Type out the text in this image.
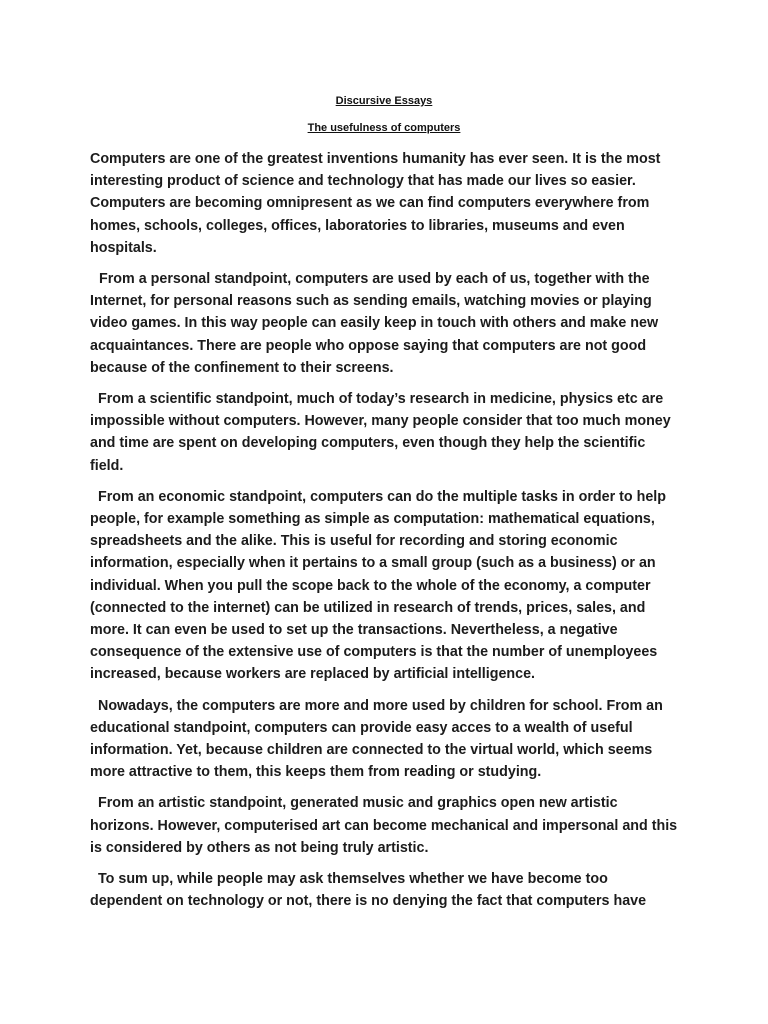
Discursive Essays
The usefulness of computers

Computers are one of the greatest inventions humanity has ever seen. It is the most interesting product of science and technology that has made our lives so easier. Computers are becoming omnipresent as we can find computers everywhere from homes, schools, colleges, offices, laboratories to libraries, museums and even hospitals.

From a personal standpoint, computers are used by each of us, together with the Internet, for personal reasons such as sending emails, watching movies or playing video games. In this way people can easily keep in touch with others and make new acquaintances. There are people who oppose saying that computers are not good because of the confinement to their screens.

From a scientific standpoint, much of today’s research in medicine, physics etc are impossible without computers. However, many people consider that too much money and time are spent on developing computers, even though they help the scientific field.

From an economic standpoint, computers can do the multiple tasks in order to help people, for example something as simple as computation: mathematical equations, spreadsheets and the alike. This is useful for recording and storing economic information, especially when it pertains to a small group (such as a business) or an individual. When you pull the scope back to the whole of the economy, a computer (connected to the internet) can be utilized in research of trends, prices, sales, and more. It can even be used to set up the transactions. Nevertheless, a negative consequence of the extensive use of computers is that the number of unemployees increased, because workers are replaced by artificial intelligence.

Nowadays, the computers are more and more used by children for school. From an educational standpoint, computers can provide easy acces to a wealth of useful information. Yet, because children are connected to the virtual world, which seems more attractive to them, this keeps them from reading or studying.

From an artistic standpoint, generated music and graphics open new artistic horizons. However, computerised art can become mechanical and impersonal and this is considered by others as not being truly artistic.

To sum up, while people may ask themselves whether we have become too dependent on technology or not, there is no denying the fact that computers have
